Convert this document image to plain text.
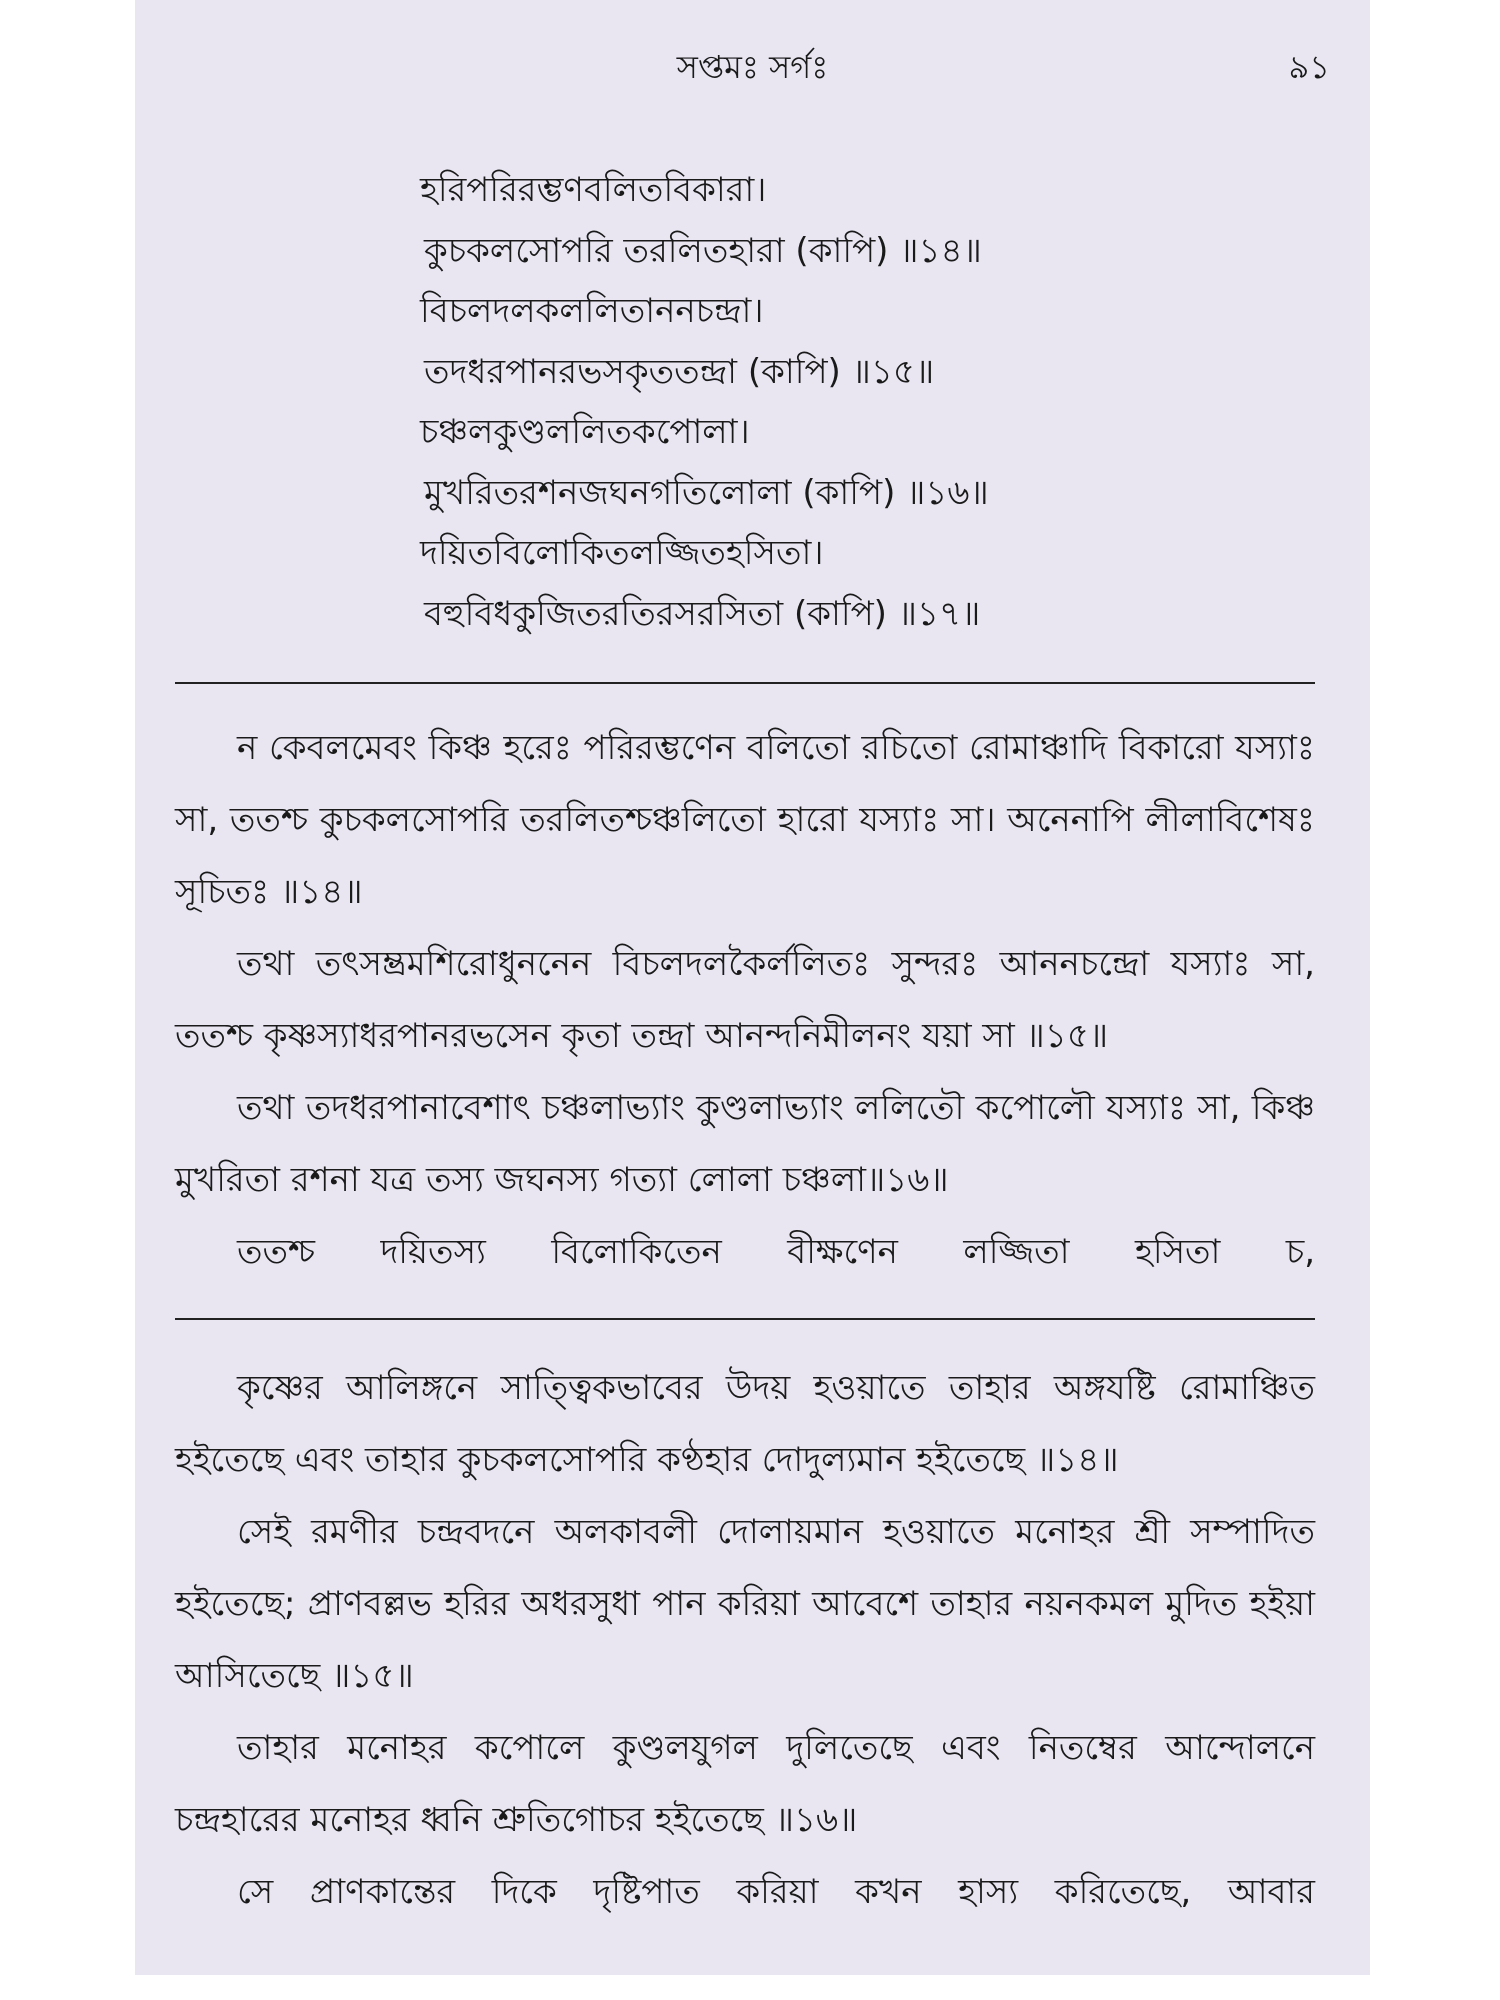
সপ্তমঃ সর্গঃ	৯১
হরিপরিরম্ভণবলিতবিকারা।
কুচকলসোপরি তরলিতহারা (কাপি) ॥১৪॥
বিচলদলকললিতাননচন্দ্রা।
তদধরপানরভসকৃততন্দ্রা (কাপি) ॥১৫॥
চঞ্চলকুণ্ডললিতকপোলা।
মুখরিতরশনজঘনগতিলোলা (কাপি) ॥১৬॥
দয়িতবিলোকিতলজ্জিতহসিতা।
বহুবিধকুজিতরতিরসরসিতা (কাপি) ॥১৭॥

ন কেবলমেবং কিঞ্চ হরেঃ পরিরম্ভণেন বলিতো রচিতো রোমাঞ্চাদি বিকারো যস্যাঃ সা, ততশ্চ কুচকলসোপরি তরলিতশ্চঞ্চলিতো হারো যস্যাঃ সা। অনেনাপি লীলাবিশেষঃ সূচিতঃ ॥১৪॥

তথা তৎসম্ভ্রমশিরোধুননেন বিচলদলকৈর্ললিতঃ সুন্দরঃ আননচন্দ্রো যস্যাঃ সা, ততশ্চ কৃষ্ণস্যাধরপানরভসেন কৃতা তন্দ্রা আনন্দনিমীলনং যয়া সা ॥১৫॥

তথা তদধরপানাবেশাৎ চঞ্চলাভ্যাং কুণ্ডলাভ্যাং ললিতৌ কপোলৌ যস্যাঃ সা, কিঞ্চ মুখরিতা রশনা যত্র তস্য জঘনস্য গত্যা লোলা চঞ্চলা॥১৬॥

ততশ্চ দয়িতস্য বিলোকিতেন বীক্ষণেন লজ্জিতা হসিতা চ,

কৃষ্ণের আলিঙ্গনে সাত্ত্বিকভাবের উদয় হওয়াতে তাহার অঙ্গযষ্টি রোমাঞ্চিত হইতেছে এবং তাহার কুচকলসোপরি কণ্ঠহার দোদুল্যমান হইতেছে ॥১৪॥

সেই রমণীর চন্দ্রবদনে অলকাবলী দোলায়মান হওয়াতে মনোহর শ্রী সম্পাদিত হইতেছে; প্রাণবল্লভ হরির অধরসুধা পান করিয়া আবেশে তাহার নয়নকমল মুদিত হইয়া আসিতেছে ॥১৫॥

তাহার মনোহর কপোলে কুণ্ডলযুগল দুলিতেছে এবং নিতম্বের আন্দোলনে চন্দ্রহারের মনোহর ধ্বনি শ্রুতিগোচর হইতেছে ॥১৬॥

সে প্রাণকান্তের দিকে দৃষ্টিপাত করিয়া কখন হাস্য করিতেছে, আবার
